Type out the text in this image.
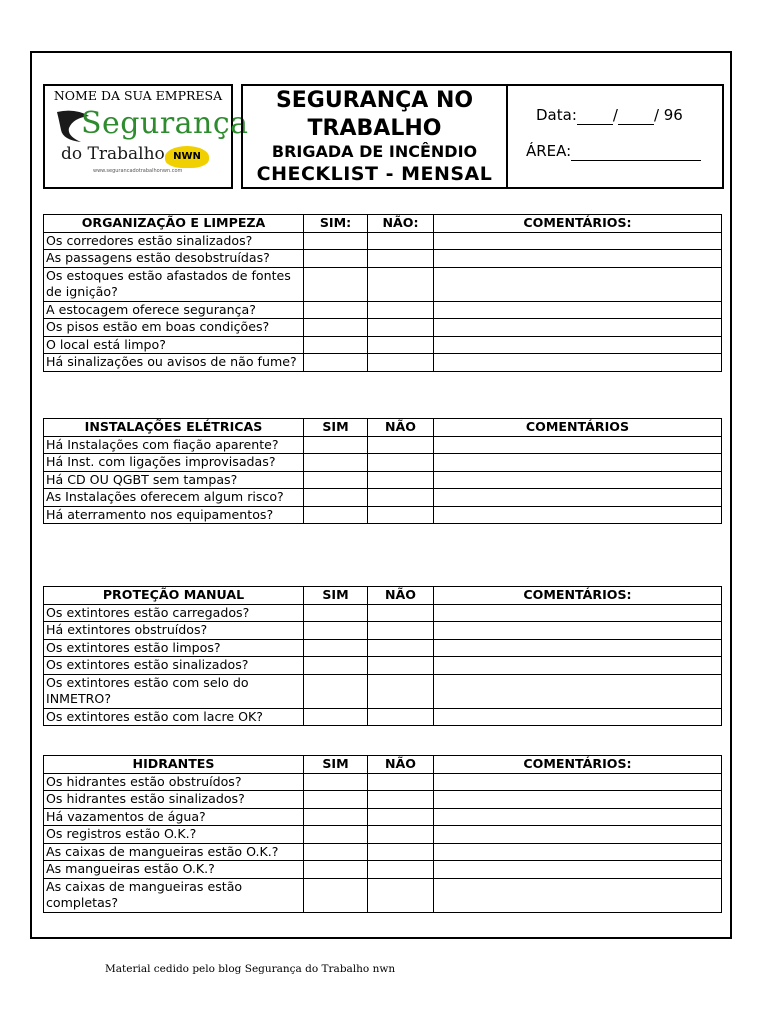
NOME DA SUA EMPRESA
Segurança
do Trabalho NWN
www.segurancadotrabalhonwn.com
SEGURANÇA NO
TRABALHO
BRIGADA DE INCÊNDIO
CHECKLIST - MENSAL
Data: / / 96
ÁREA:
ORGANIZAÇÃO E LIMPEZA	SIM:	NÃO:	COMENTÁRIOS:
Os corredores estão sinalizados?			
As passagens estão desobstruídas?			
Os estoques estão afastados de fontes de ignição?			
A estocagem oferece segurança?			
Os pisos estão em boas condições?			
O local está limpo?			
Há sinalizações ou avisos de não fume?			
INSTALAÇÕES ELÉTRICAS	SIM	NÃO	COMENTÁRIOS
Há Instalações com fiação aparente?			
Há Inst. com ligações improvisadas?			
Há CD OU QGBT sem tampas?			
As Instalações oferecem algum risco?			
Há aterramento nos equipamentos?			
PROTEÇÃO MANUAL	SIM	NÃO	COMENTÁRIOS:
Os extintores estão carregados?			
Há extintores obstruídos?			
Os extintores estão limpos?			
Os extintores estão sinalizados?			
Os extintores estão com selo do INMETRO?			
Os extintores estão com lacre OK?			
HIDRANTES	SIM	NÃO	COMENTÁRIOS:
Os hidrantes estão obstruídos?			
Os hidrantes estão sinalizados?			
Há vazamentos de água?			
Os registros estão O.K.?			
As caixas de mangueiras estão O.K.?			
As mangueiras estão O.K.?			
As caixas de mangueiras estão completas?			
Material cedido pelo blog Segurança do Trabalho nwn
